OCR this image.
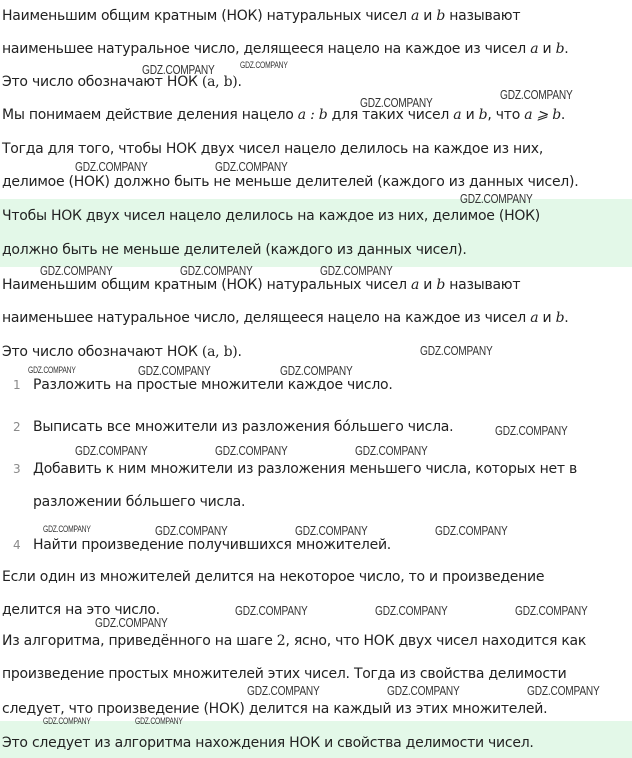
Наименьшим общим кратным (НОК) натуральных чисел a и b называют
наименьшее натуральное число, делящееся нацело на каждое из чисел a и b.
Это число обозначают НОК (a, b).
Мы понимаем действие деления нацело a : b для таких чисел a и b, что a ⩾ b.
Тогда для того, чтобы НОК двух чисел нацело делилось на каждое из них,
делимое (НОК) должно быть не меньше делителей (каждого из данных чисел).
Чтобы НОК двух чисел нацело делилось на каждое из них, делимое (НОК)
должно быть не меньше делителей (каждого из данных чисел).
Наименьшим общим кратным (НОК) натуральных чисел a и b называют
наименьшее натуральное число, делящееся нацело на каждое из чисел a и b.
Это число обозначают НОК (a, b).
1 Разложить на простые множители каждое число.
2 Выписать все множители из разложения бо́льшего числа.
3 Добавить к ним множители из разложения меньшего числа, которых нет в
разложении бо́льшего числа.
4 Найти произведение получившихся множителей.
Если один из множителей делится на некоторое число, то и произведение
делится на это число.
Из алгоритма, приведённого на шаге 2, ясно, что НОК двух чисел находится как
произведение простых множителей этих чисел. Тогда из свойства делимости
следует, что произведение (НОК) делится на каждый из этих множителей.
Это следует из алгоритма нахождения НОК и свойства делимости чисел.
GDZ.COMPANY	GDZ.COMPANY
GDZ.COMPANY
GDZ.COMPANY
GDZ.COMPANY	GDZ.COMPANY
GDZ.COMPANY
GDZ.COMPANY	GDZ.COMPANY	GDZ.COMPANY
GDZ.COMPANY
GDZ.COMPANY	GDZ.COMPANY	GDZ.COMPANY
GDZ.COMPANY
GDZ.COMPANY	GDZ.COMPANY	GDZ.COMPANY
GDZ.COMPANY	GDZ.COMPANY	GDZ.COMPANY	GDZ.COMPANY
GDZ.COMPANY	GDZ.COMPANY	GDZ.COMPANY
GDZ.COMPANY
GDZ.COMPANY	GDZ.COMPANY	GDZ.COMPANY
GDZ.COMPANY	GDZ.COMPANY
